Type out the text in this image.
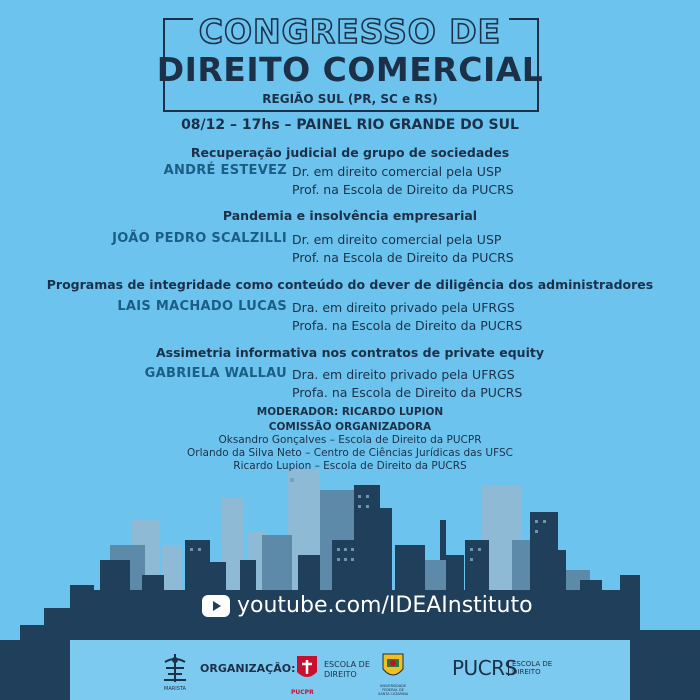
CONGRESSO DE
DIREITO COMERCIAL
REGIÃO SUL (PR, SC e RS)
08/12 – 17hs – PAINEL RIO GRANDE DO SUL
Recuperação judicial de grupo de sociedades
ANDRÉ ESTEVEZ Dr. em direito comercial pela USP
Prof. na Escola de Direito da PUCRS
Pandemia e insolvência empresarial
JOÃO PEDRO SCALZILLI Dr. em direito comercial pela USP
Prof. na Escola de Direito da PUCRS
Programas de integridade como conteúdo do dever de diligência dos administradores
LAIS MACHADO LUCAS Dra. em direito privado pela UFRGS
Profa. na Escola de Direito da PUCRS
Assimetria informativa nos contratos de private equity
GABRIELA WALLAU Dra. em direito privado pela UFRGS
Profa. na Escola de Direito da PUCRS
MODERADOR: RICARDO LUPION
COMISSÃO ORGANIZADORA
Oksandro Gonçalves – Escola de Direito da PUCPR
Orlando da Silva Neto – Centro de Ciências Jurídicas das UFSC
Ricardo Lupion – Escola de Direito da PUCRS
youtube.com/IDEAInstituto
MARISTA
ORGANIZAÇÃO:
PUCPR
ESCOLA DE
DIREITO
UNIVERSIDADE FEDERAL DE SANTA CATARINA
PUCRS
ESCOLA DE
DIREITO
